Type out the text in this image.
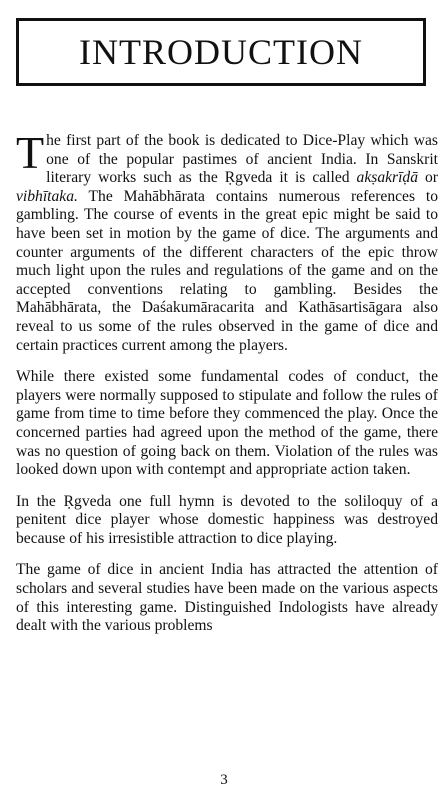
INTRODUCTION

The first part of the book is dedicated to Dice-Play which was one of the popular pastimes of ancient India. In Sanskrit literary works such as the Ṛgveda it is called akṣakrīḍā or vibhītaka. The Mahābhārata contains numerous references to gambling. The course of events in the great epic might be said to have been set in motion by the game of dice. The arguments and counter arguments of the different characters of the epic throw much light upon the rules and regulations of the game and on the accepted conventions relating to gambling. Besides the Mahābhārata, the Daśakumāracarita and Kathāsartisāgara also reveal to us some of the rules observed in the game of dice and certain practices current among the players.

While there existed some fundamental codes of conduct, the players were normally supposed to stipulate and follow the rules of game from time to time before they commenced the play. Once the concerned parties had agreed upon the method of the game, there was no question of going back on them. Violation of the rules was looked down upon with contempt and appropriate action taken.

In the Ṛgveda one full hymn is devoted to the soliloquy of a penitent dice player whose domestic happiness was destroyed because of his irresistible attraction to dice playing.

The game of dice in ancient India has attracted the attention of scholars and several studies have been made on the various aspects of this interesting game. Distinguished Indologists have already dealt with the various problems

3
